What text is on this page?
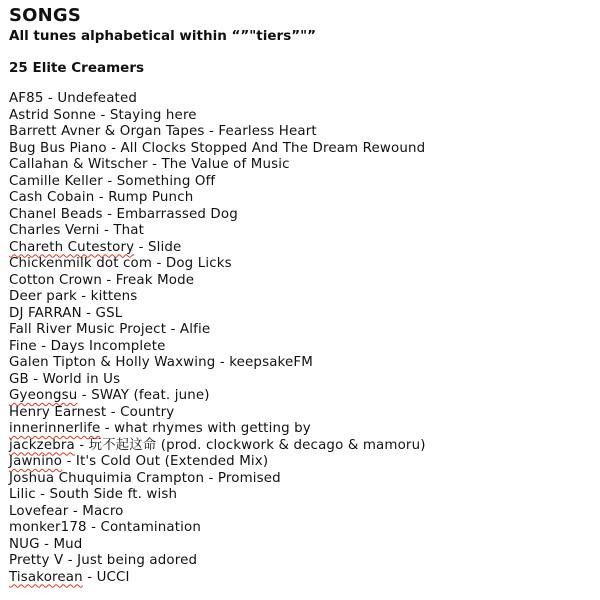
SONGS
All tunes alphabetical within “”"tiers”"”
25 Elite Creamers
AF85 - Undefeated
Astrid Sonne - Staying here
Barrett Avner & Organ Tapes - Fearless Heart
Bug Bus Piano - All Clocks Stopped And The Dream Rewound
Callahan & Witscher - The Value of Music
Camille Keller - Something Off
Cash Cobain - Rump Punch
Chanel Beads - Embarrassed Dog
Charles Verni - That
Chareth Cutestory - Slide
Chickenmilk dot com - Dog Licks
Cotton Crown - Freak Mode
Deer park - kittens
DJ FARRAN - GSL
Fall River Music Project - Alfie
Fine - Days Incomplete
Galen Tipton & Holly Waxwing - keepsakeFM
GB - World in Us
Gyeongsu - SWAY (feat. june)
Henry Earnest - Country
innerinnerlife - what rhymes with getting by
jackzebra - 玩不起这命 (prod. clockwork & decago & mamoru)
Jawnino - It's Cold Out (Extended Mix)
Joshua Chuquimia Crampton - Promised
Lilic - South Side ft. wish
Lovefear - Macro
monker178 - Contamination
NUG - Mud
Pretty V - Just being adored
Tisakorean - UCCI
